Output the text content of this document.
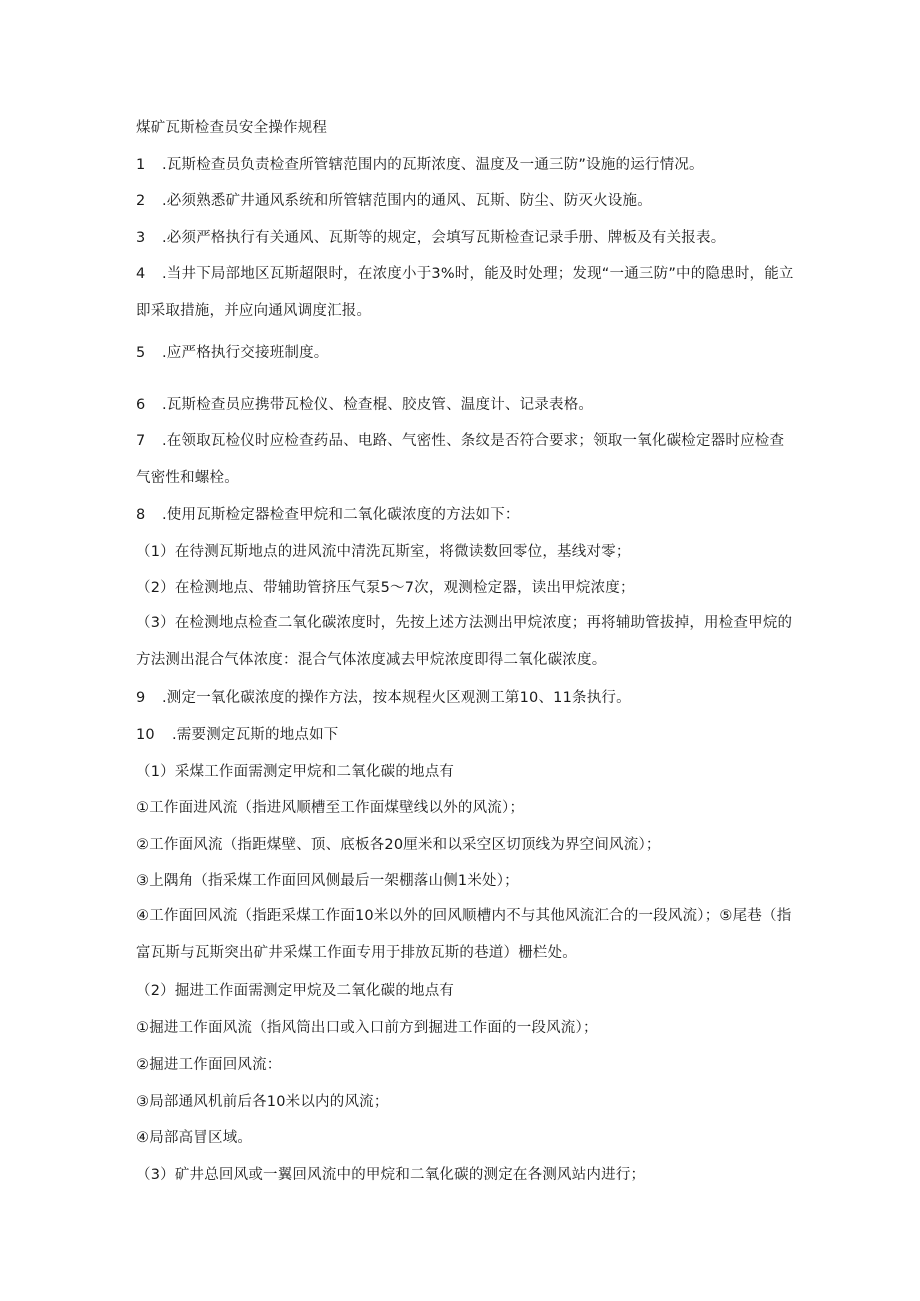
煤矿瓦斯检查员安全操作规程
1 .瓦斯检查员负责检查所管辖范围内的瓦斯浓度、温度及一通三防”设施的运行情况。
2 .必须熟悉矿井通风系统和所管辖范围内的通风、瓦斯、防尘、防灭火设施。
3 .必须严格执行有关通风、瓦斯等的规定，会填写瓦斯检查记录手册、牌板及有关报表。
4 .当井下局部地区瓦斯超限时，在浓度小于3%时，能及时处理；发现“一通三防”中的隐患时，能立即采取措施，并应向通风调度汇报。
5 .应严格执行交接班制度。
6 .瓦斯检查员应携带瓦检仪、检查棍、胶皮管、温度计、记录表格。
7 .在领取瓦检仪时应检查药品、电路、气密性、条纹是否符合要求；领取一氧化碳检定器时应检查气密性和螺栓。
8 .使用瓦斯检定器检查甲烷和二氧化碳浓度的方法如下：
（1）在待测瓦斯地点的进风流中清洗瓦斯室，将微读数回零位，基线对零；
（2）在检测地点、带辅助管挤压气泵5～7次，观测检定器，读出甲烷浓度；
（3）在检测地点检查二氧化碳浓度时，先按上述方法测出甲烷浓度；再将辅助管拔掉，用检查甲烷的方法测出混合气体浓度：混合气体浓度减去甲烷浓度即得二氧化碳浓度。
9 .测定一氧化碳浓度的操作方法，按本规程火区观测工第10、11条执行。
10 .需要测定瓦斯的地点如下
（1）采煤工作面需测定甲烷和二氧化碳的地点有
①工作面进风流（指进风顺槽至工作面煤壁线以外的风流）；
②工作面风流（指距煤壁、顶、底板各20厘米和以采空区切顶线为界空间风流）；
③上隅角（指采煤工作面回风侧最后一架棚落山侧1米处）；
④工作面回风流（指距采煤工作面10米以外的回风顺槽内不与其他风流汇合的一段风流）；⑤尾巷（指富瓦斯与瓦斯突出矿井采煤工作面专用于排放瓦斯的巷道）栅栏处。
（2）掘进工作面需测定甲烷及二氧化碳的地点有
①掘进工作面风流（指风筒出口或入口前方到掘进工作面的一段风流）；
②掘进工作面回风流：
③局部通风机前后各10米以内的风流；
④局部高冒区域。
（3）矿井总回风或一翼回风流中的甲烷和二氧化碳的测定在各测风站内进行；
